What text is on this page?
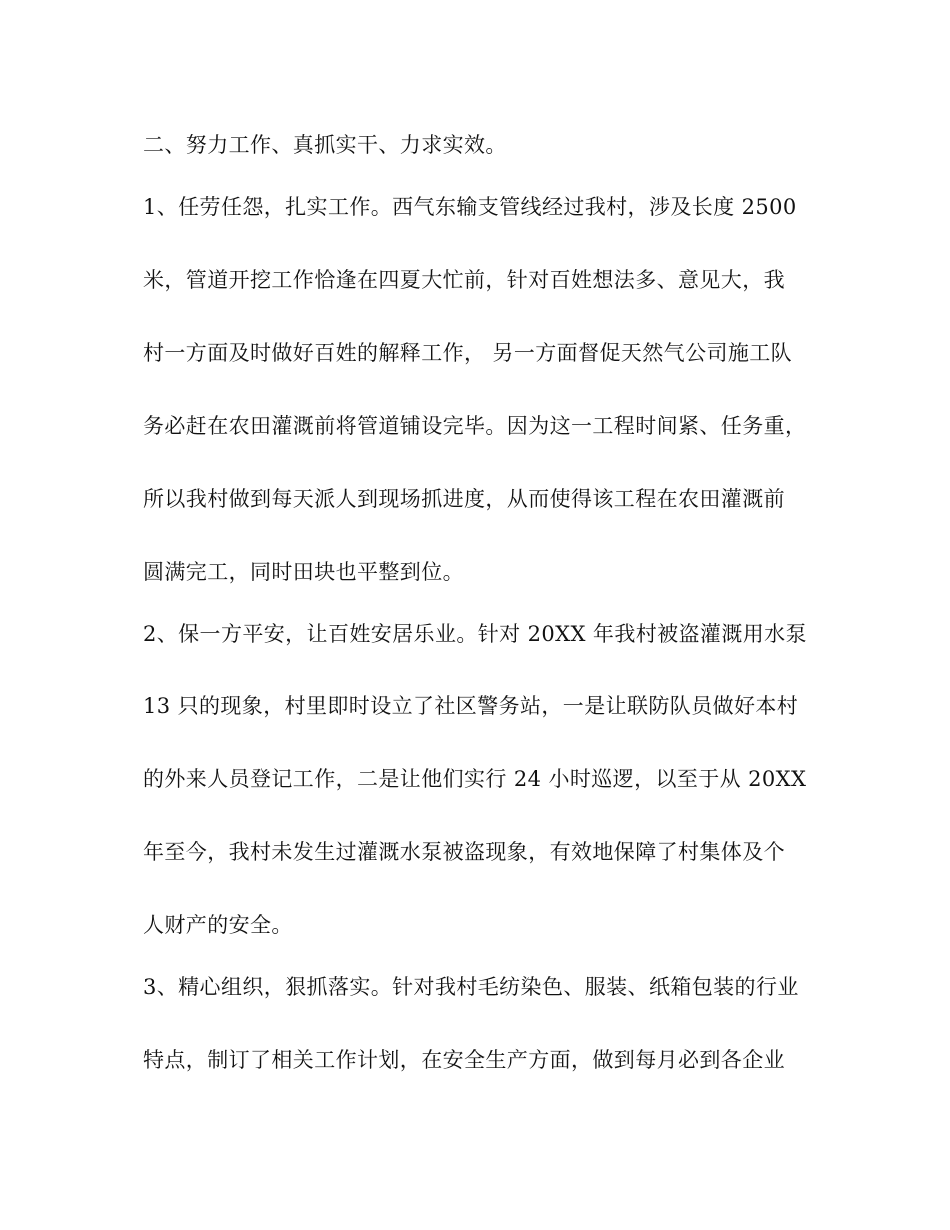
二、努力工作、真抓实干、力求实效。
1、任劳任怨，扎实工作。西气东输支管线经过我村，涉及长度 2500
米，管道开挖工作恰逢在四夏大忙前，针对百姓想法多、意见大，我
村一方面及时做好百姓的解释工作， 另一方面督促天然气公司施工队
务必赶在农田灌溉前将管道铺设完毕。因为这一工程时间紧、任务重，
所以我村做到每天派人到现场抓进度，从而使得该工程在农田灌溉前
圆满完工，同时田块也平整到位。
2、保一方平安，让百姓安居乐业。针对 20XX 年我村被盗灌溉用水泵
13 只的现象，村里即时设立了社区警务站，一是让联防队员做好本村
的外来人员登记工作，二是让他们实行 24 小时巡逻，以至于从 20XX
年至今，我村未发生过灌溉水泵被盗现象，有效地保障了村集体及个
人财产的安全。
3、精心组织，狠抓落实。针对我村毛纺染色、服装、纸箱包装的行业
特点，制订了相关工作计划，在安全生产方面，做到每月必到各企业
